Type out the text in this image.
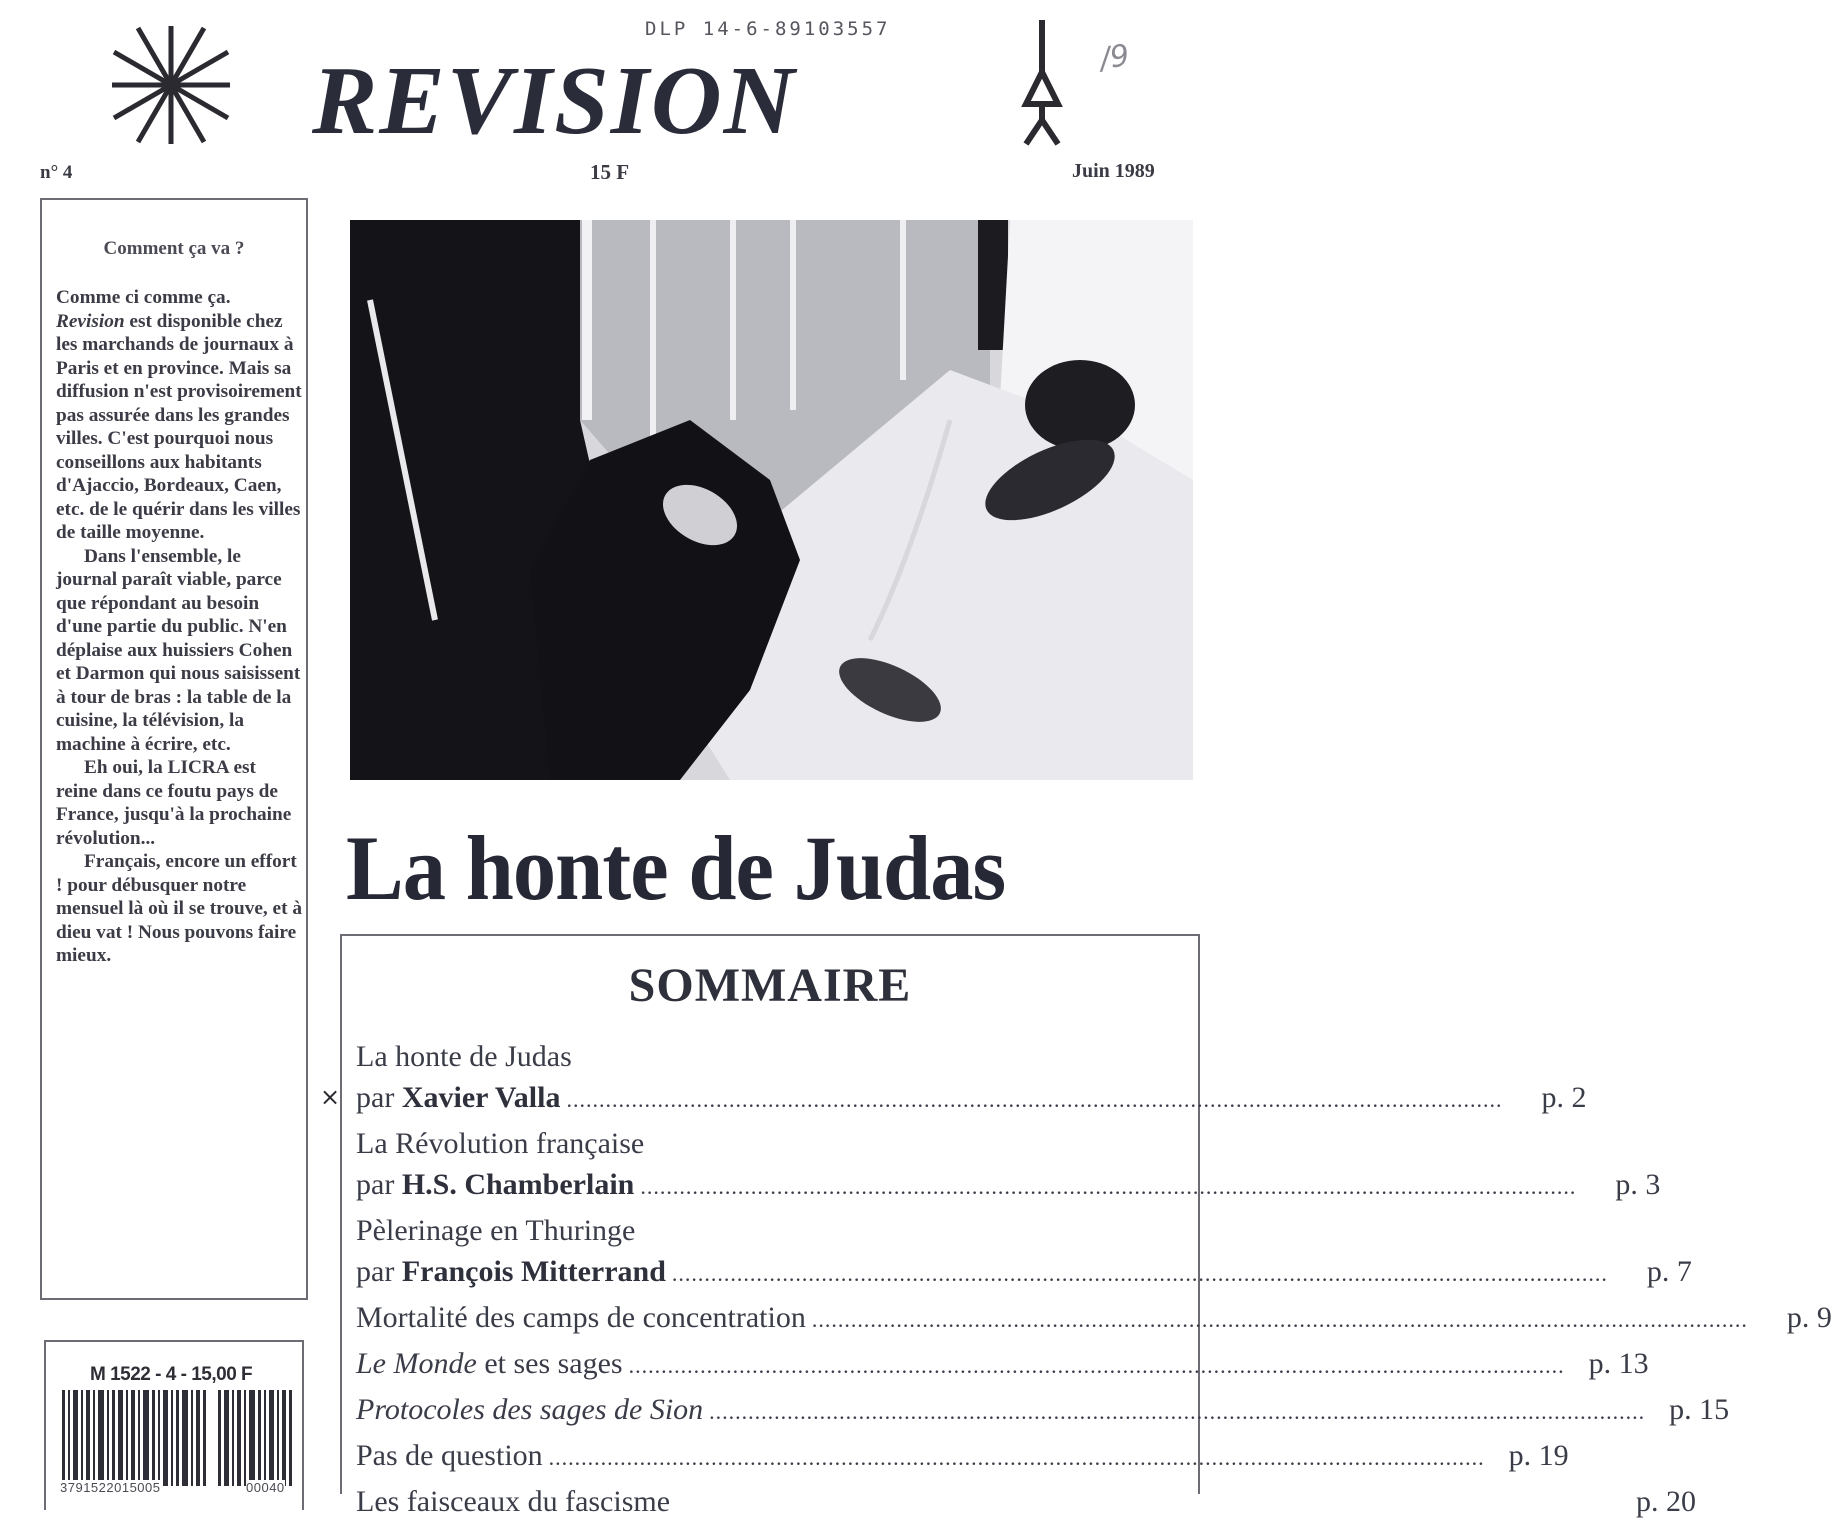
DLP 14-6-89103557
REVISION	/9
n° 4	15 F	Juin 1989
Comment ça va ?

Comme ci comme ça. Revision est disponible chez les marchands de journaux à Paris et en province. Mais sa diffusion n'est provisoirement pas assurée dans les grandes villes. C'est pourquoi nous conseillons aux habitants d'Ajaccio, Bordeaux, Caen, etc. de le quérir dans les villes de taille moyenne.

Dans l'ensemble, le journal paraît viable, parce que répondant au besoin d'une partie du public. N'en déplaise aux huissiers Cohen et Darmon qui nous saisissent à tour de bras : la table de la cuisine, la télévision, la machine à écrire, etc.

Eh oui, la LICRA est reine dans ce foutu pays de France, jusqu'à la prochaine révolution...

Français, encore un effort ! pour débusquer notre mensuel là où il se trouve, et à dieu vat ! Nous pouvons faire mieux.

La honte de Judas
×
SOMMAIRE
La honte de Judas
par Xavier Valla .....	p. 2
La Révolution française
par H.S. Chamberlain .....	p. 3
Pèlerinage en Thuringe
par François Mitterrand .....	p. 7
Mortalité des camps de concentration .....	p. 9
Le Monde et ses sages .....	p. 13
Protocoles des sages de Sion .....	p. 15
Pas de question .....	p. 19
Les faisceaux du fascisme	p. 20
M 1522 - 4 - 15,00 F
3791522015005	00040
